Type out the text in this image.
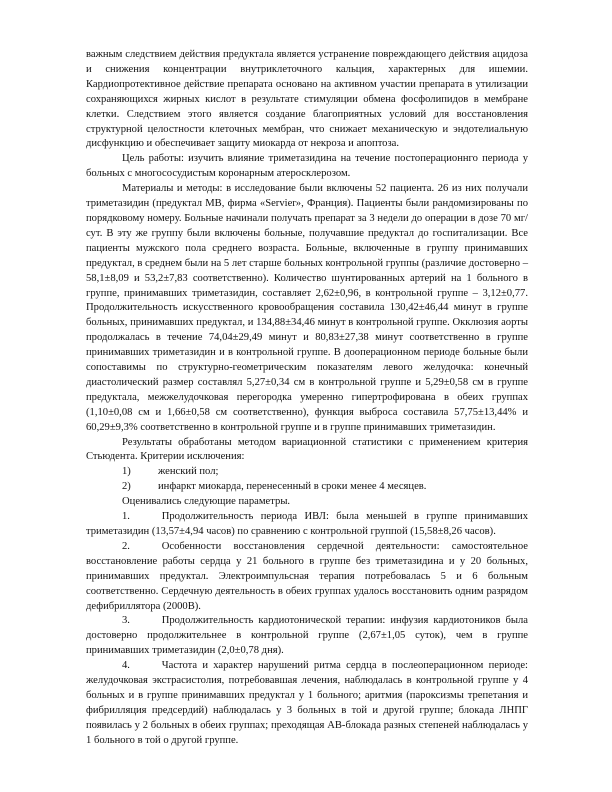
важным следствием действия предуктала является устранение повреждающего действия ацидоза и снижения концентрации внутриклеточного кальция, характерных для ишемии. Кардиопротективное действие препарата основано на активном участии препарата в утилизации сохраняющихся жирных кислот в результате стимуляции обмена фосфолипидов в мембране клетки. Следствием этого является создание благоприятных условий для восстановления структурной целостности клеточных мембран, что снижает механическую и эндотелиальную дисфункцию и обеспечивает защиту миокарда от некроза и апоптоза.

Цель работы: изучить влияние триметазидина на течение постоперационнго периода у больных с многососудистым коронарным атеросклерозом.

Материалы и методы: в исследование были включены 52 пациента. 26 из них получали триметазидин (предуктал МВ, фирма «Servier», Франция). Пациенты были рандомизированы по порядковому номеру. Больные начинали получать препарат за 3 недели до операции в дозе 70 мг/сут. В эту же группу были включены больные, получавшие предуктал до госпитализации. Все пациенты мужского пола среднего возраста. Больные, включенные в группу принимавших предуктал, в среднем были на 5 лет старше больных контрольной группы (различие достоверно – 58,1±8,09 и 53,2±7,83 соответственно). Количество шунтированных артерий на 1 больного в группе, принимавших триметазидин, составляет 2,62±0,96, в контрольной группе – 3,12±0,77. Продолжительность искусственного кровообращения составила 130,42±46,44 минут в группе больных, принимавших предуктал, и 134,88±34,46 минут в контрольной группе. Окклюзия аорты продолжалась в течение 74,04±29,49 минут и 80,83±27,38 минут соответственно в группе принимавших триметазидин и в контрольной группе. В дооперационном периоде больные были сопоставимы по структурно-геометрическим показателям левого желудочка: конечный диастолический размер составлял 5,27±0,34 см в контрольной группе и 5,29±0,58 см в группе предуктала, межжелудочковая перегородка умеренно гипертрофирована в обеих группах (1,10±0,08 см и 1,66±0,58 см соответственно), функция выброса составила 57,75±13,44% и 60,29±9,3% соответственно в контрольной группе и в группе принимавших триметазидин.

Результаты обработаны методом вариационной статистики с применением критерия Стьюдента. Критерии исключения:

1)	женский пол;
2)	инфаркт миокарда, перенесенный в сроки менее 4 месяцев.

Оценивались следующие параметры.

1.   	Продолжительность периода ИВЛ: была меньшей в группе принимавших триметазидин (13,57±4,94 часов) по сравнению с контрольной группой (15,58±8,26 часов).

2.   	Особенности восстановления сердечной деятельности: самостоятельное восстановление работы сердца у 21 больного в группе без триметазидина и у 20 больных, принимавших предуктал. Электроимпульсная терапия потребовалась 5 и 6 больным соответственно. Сердечную деятельность в обеих группах удалось восстановить одним разрядом дефибриллятора (2000В).

3.   	Продолжительность кардиотонической терапии: инфузия кардиотоников была достоверно продолжительнее в контрольной группе (2,67±1,05 суток), чем в группе принимавших триметазидин (2,0±0,78 дня).

4.   	Частота и характер нарушений ритма сердца в послеоперационном периоде: желудочковая экстрасистолия, потребовавшая лечения, наблюдалась в контрольной группе у 4 больных и в группе принимавших предуктал у 1 больного; аритмия (пароксизмы трепетания и фибрилляция предсердий) наблюдалась у 3 больных в той и другой группе; блокада ЛНПГ появилась у 2 больных в обеих группах; преходящая АВ-блокада разных степеней наблюдалась у 1 больного в той о другой группе.
